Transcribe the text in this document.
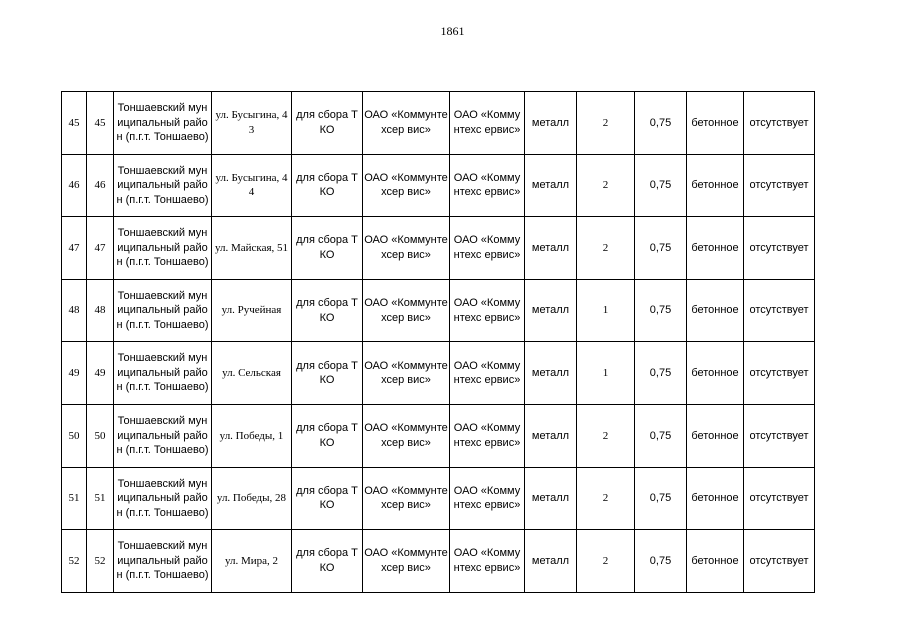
1861
45	45	Тоншаевский муниципальный район (п.г.т. Тоншаево)	ул. Бусыгина, 43	для сбора ТКО	ОАО «Коммунтехсер вис»	ОАО «Коммунтехс ервис»	металл	2	0,75	бетонное	отсутствует
46	46	Тоншаевский муниципальный район (п.г.т. Тоншаево)	ул. Бусыгина, 44	для сбора ТКО	ОАО «Коммунтехсер вис»	ОАО «Коммунтехс ервис»	металл	2	0,75	бетонное	отсутствует
47	47	Тоншаевский муниципальный район (п.г.т. Тоншаево)	ул. Майская, 51	для сбора ТКО	ОАО «Коммунтехсер вис»	ОАО «Коммунтехс ервис»	металл	2	0,75	бетонное	отсутствует
48	48	Тоншаевский муниципальный район (п.г.т. Тоншаево)	ул. Ручейная	для сбора ТКО	ОАО «Коммунтехсер вис»	ОАО «Коммунтехс ервис»	металл	1	0,75	бетонное	отсутствует
49	49	Тоншаевский муниципальный район (п.г.т. Тоншаево)	ул. Сельская	для сбора ТКО	ОАО «Коммунтехсер вис»	ОАО «Коммунтехс ервис»	металл	1	0,75	бетонное	отсутствует
50	50	Тоншаевский муниципальный район (п.г.т. Тоншаево)	ул. Победы, 1	для сбора ТКО	ОАО «Коммунтехсер вис»	ОАО «Коммунтехс ервис»	металл	2	0,75	бетонное	отсутствует
51	51	Тоншаевский муниципальный район (п.г.т. Тоншаево)	ул. Победы, 28	для сбора ТКО	ОАО «Коммунтехсер вис»	ОАО «Коммунтехс ервис»	металл	2	0,75	бетонное	отсутствует
52	52	Тоншаевский муниципальный район (п.г.т. Тоншаево)	ул. Мира, 2	для сбора ТКО	ОАО «Коммунтехсер вис»	ОАО «Коммунтехс ервис»	металл	2	0,75	бетонное	отсутствует
